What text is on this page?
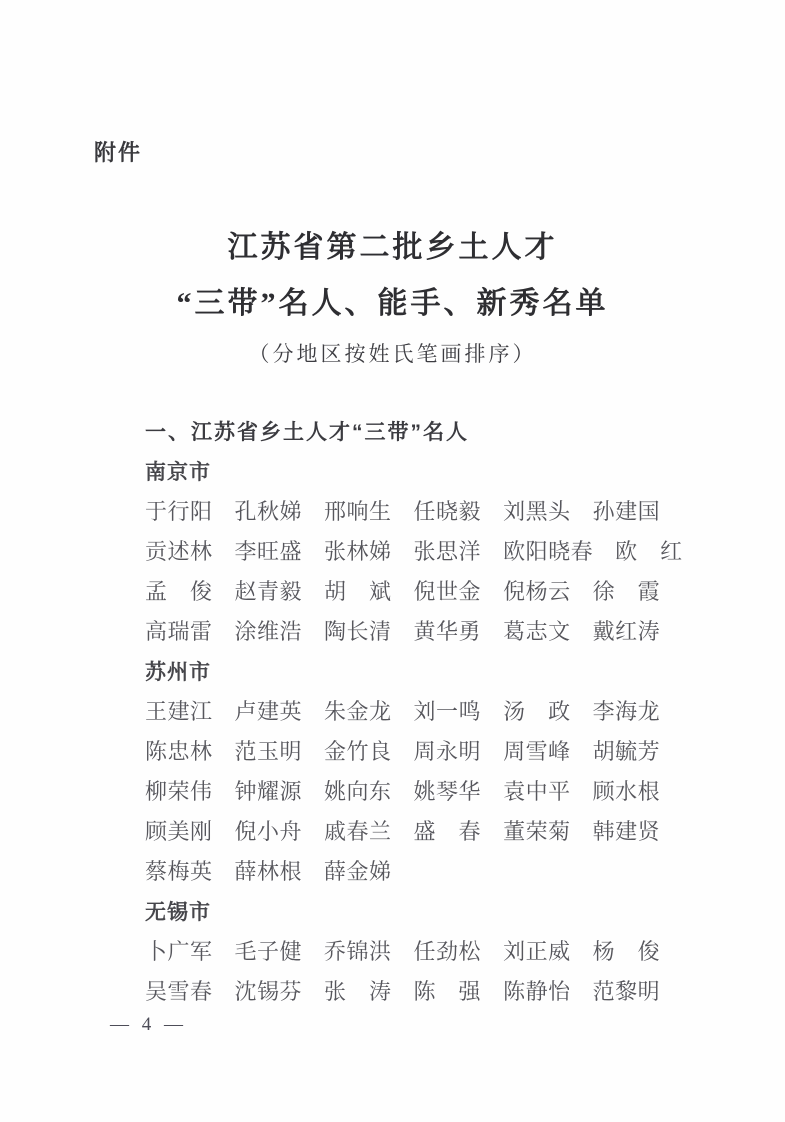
附件
江苏省第二批乡土人才
“三带”名人、能手、新秀名单
（分地区按姓氏笔画排序）
一、江苏省乡土人才“三带”名人
南京市
于行阳 孔秋娣 邢响生 任晓毅 刘黑头 孙建国
贡述林 李旺盛 张林娣 张思洋 欧阳晓春 欧　红
孟　俊 赵青毅 胡　斌 倪世金 倪杨云 徐　霞
高瑞雷 涂维浩 陶长清 黄华勇 葛志文 戴红涛
苏州市
王建江 卢建英 朱金龙 刘一鸣 汤　政 李海龙
陈忠林 范玉明 金竹良 周永明 周雪峰 胡毓芳
柳荣伟 钟耀源 姚向东 姚琴华 袁中平 顾水根
顾美刚 倪小舟 戚春兰 盛　春 董荣菊 韩建贤
蔡梅英 薛林根 薛金娣
无锡市
卜广军 毛子健 乔锦洪 任劲松 刘正威 杨　俊
吴雪春 沈锡芬 张　涛 陈　强 陈静怡 范黎明
— 4 —
